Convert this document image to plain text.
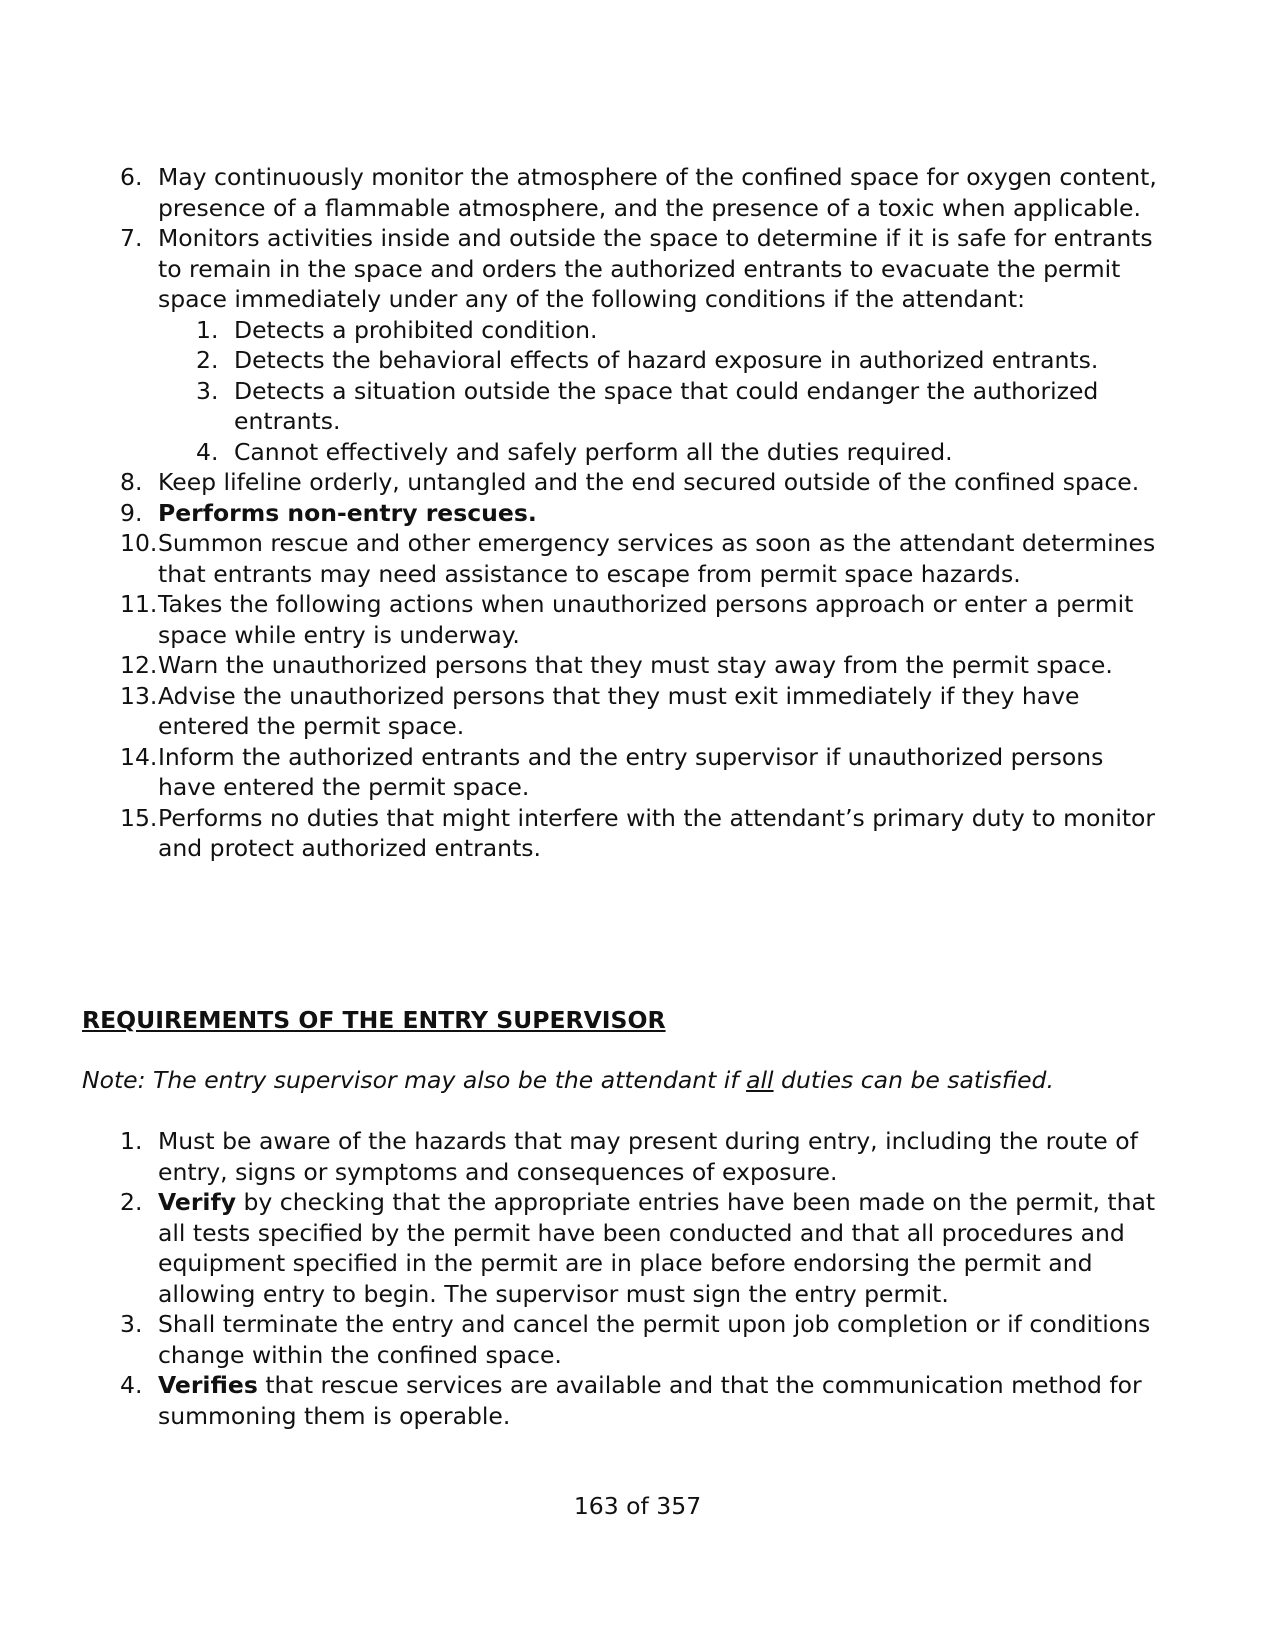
6. May continuously monitor the atmosphere of the confined space for oxygen content, presence of a flammable atmosphere, and the presence of a toxic when applicable.
7. Monitors activities inside and outside the space to determine if it is safe for entrants to remain in the space and orders the authorized entrants to evacuate the permit space immediately under any of the following conditions if the attendant:
1. Detects a prohibited condition.
2. Detects the behavioral effects of hazard exposure in authorized entrants.
3. Detects a situation outside the space that could endanger the authorized entrants.
4. Cannot effectively and safely perform all the duties required.
8. Keep lifeline orderly, untangled and the end secured outside of the confined space.
9. Performs non-entry rescues.
10. Summon rescue and other emergency services as soon as the attendant determines that entrants may need assistance to escape from permit space hazards.
11. Takes the following actions when unauthorized persons approach or enter a permit space while entry is underway.
12. Warn the unauthorized persons that they must stay away from the permit space.
13. Advise the unauthorized persons that they must exit immediately if they have entered the permit space.
14. Inform the authorized entrants and the entry supervisor if unauthorized persons have entered the permit space.
15. Performs no duties that might interfere with the attendant’s primary duty to monitor and protect authorized entrants.
REQUIREMENTS OF THE ENTRY SUPERVISOR
Note: The entry supervisor may also be the attendant if all duties can be satisfied.
1. Must be aware of the hazards that may present during entry, including the route of entry, signs or symptoms and consequences of exposure.
2. Verify by checking that the appropriate entries have been made on the permit, that all tests specified by the permit have been conducted and that all procedures and equipment specified in the permit are in place before endorsing the permit and allowing entry to begin. The supervisor must sign the entry permit.
3. Shall terminate the entry and cancel the permit upon job completion or if conditions change within the confined space.
4. Verifies that rescue services are available and that the communication method for summoning them is operable.
163 of 357
